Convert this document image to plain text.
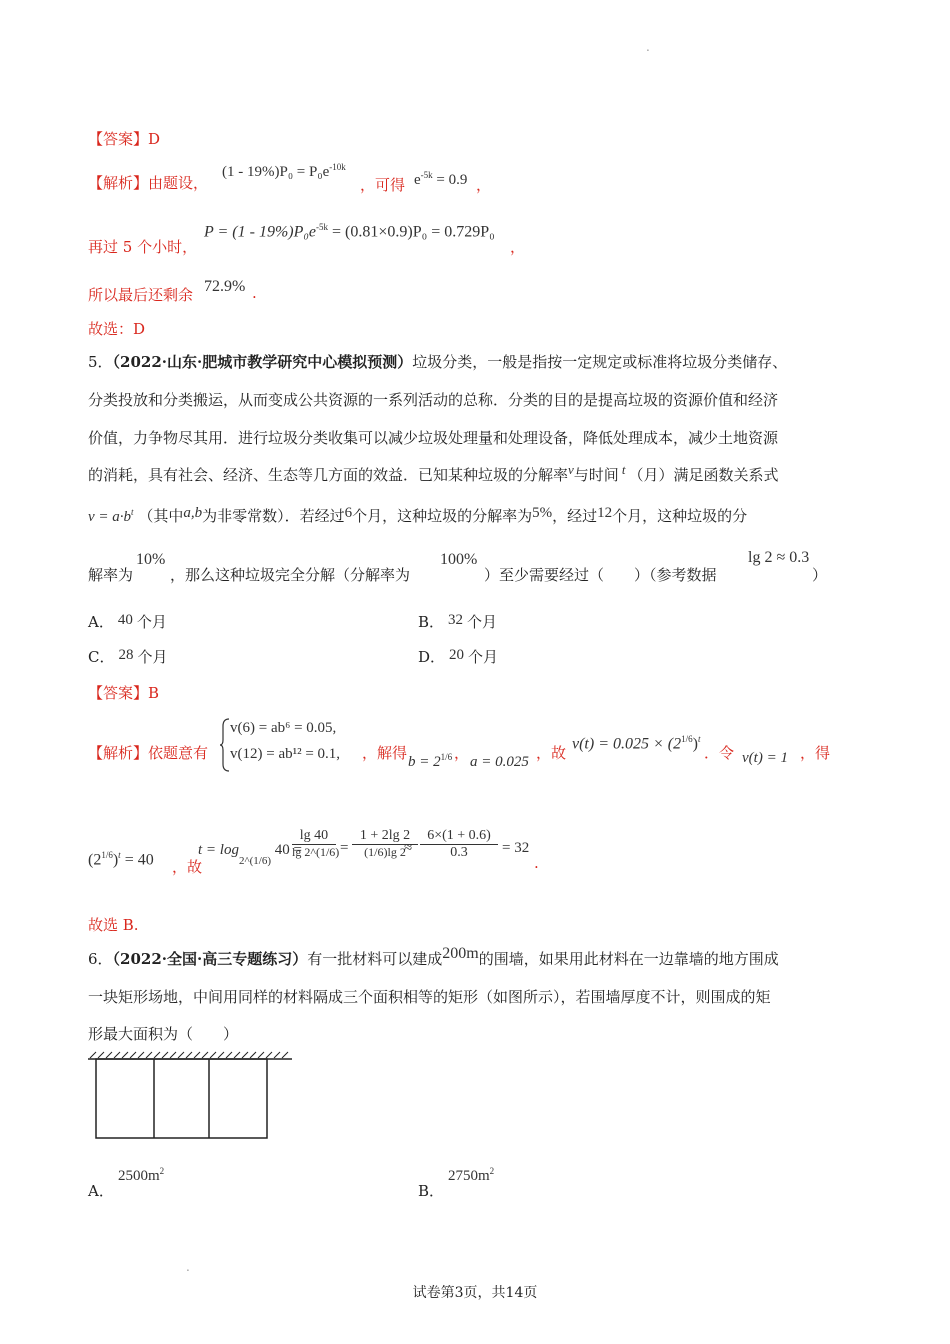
.
【答案】D
【解析】由题设，
$(1 - 19\%)P_0 = P_0e^{-10k}$
，可得 $e^{-5k} = 0.9$ ，
再过 5 个小时，
$P = (1 - 19\%)P_0e^{-5k} = (0.81\times 0.9)P_0 = 0.729P_0$
，
所以最后还剩余 72.9% .
故选：D
5．（2022·山东·肥城市教学研究中心模拟预测）垃圾分类，一般是指按一定规定或标准将垃圾分类储存、
分类投放和分类搬运，从而变成公共资源的一系列活动的总称．分类的目的是提高垃圾的资源价值和经济
价值，力争物尽其用．进行垃圾分类收集可以减少垃圾处理量和处理设备，降低处理成本，减少土地资源
的消耗，具有社会、经济、生态等几方面的效益．已知某种垃圾的分解率v与时间 t （月）满足函数关系式
$v = a\cdot b^t$ （其中a,b为非零常数）．若经过6个月，这种垃圾的分解率为5%，经过12个月，这种垃圾的分
解率为
10%
，那么这种垃圾完全分解（分解率为
100%
）至少需要经过（　　）（参考数据
lg 2 ≈ 0.3
）
A． 40 个月	B． 32 个月
C． 28 个月	D． 20 个月
【答案】B
【解析】依题意有
v(6) = ab⁶ = 0.05,
v(12) = ab¹² = 0.1, ，解得 $b = 2^{1/6}$ ， a = 0.025 ，故
$v(t) = 0.025 \times (2^{1/6})^t$
．令 v(t) = 1 ，得
$(2^{1/6})^t = 40$ ，故
$t = \log_{2\^{}(1/6)} 40$ =
$\frac{\lg 40}{\lg 2\^{}(1/6)} = \frac{1 + 2\lg 2}{(1/6)\lg 2}$
≈ $\frac{6\times(1 + 0.6)}{0.3} = 32$
.
故选 B.
6．（2022·全国·高三专题练习）有一批材料可以建成200m的围墙，如果用此材料在一边靠墙的地方围成
一块矩形场地，中间用同样的材料隔成三个面积相等的矩形（如图所示），若围墙厚度不计，则围成的矩
形最大面积为（　　）
A．
$2500m^2$
B．
$2750m^2$
.
试卷第3页，共14页
